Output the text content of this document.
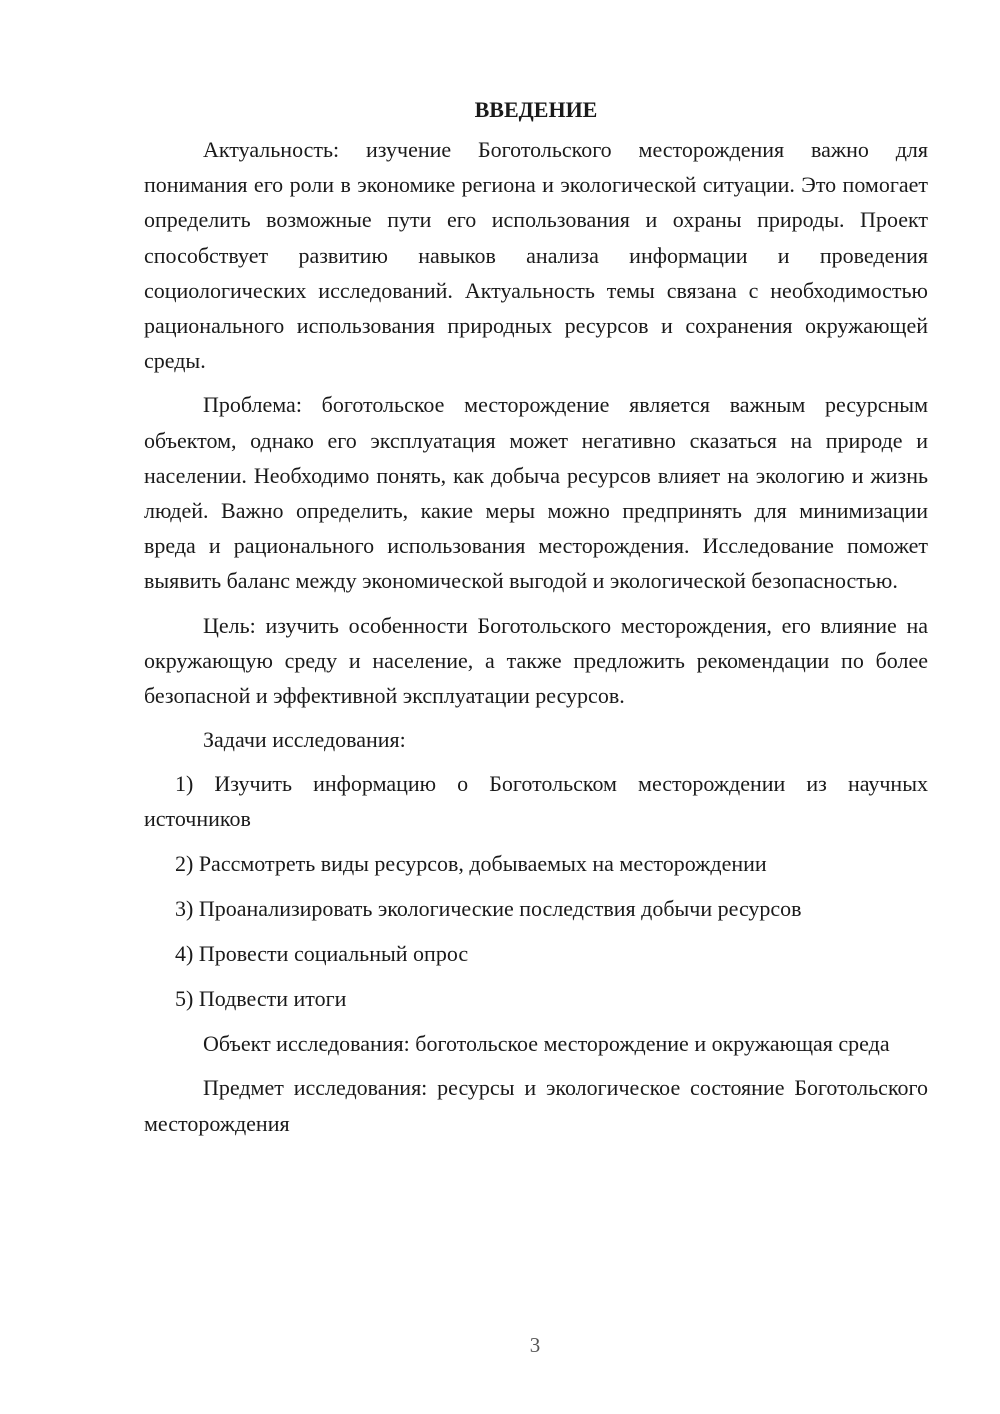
ВВЕДЕНИЕ

Актуальность: изучение Боготольского месторождения важно для понимания его роли в экономике региона и экологической ситуации. Это помогает определить возможные пути его использования и охраны природы. Проект способствует развитию навыков анализа информации и проведения социологических исследований. Актуальность темы связана с необходимостью рационального использования природных ресурсов и сохранения окружающей среды.

Проблема: боготольское месторождение является важным ресурсным объектом, однако его эксплуатация может негативно сказаться на природе и населении. Необходимо понять, как добыча ресурсов влияет на экологию и жизнь людей. Важно определить, какие меры можно предпринять для минимизации вреда и рационального использования месторождения. Исследование поможет выявить баланс между экономической выгодой и экологической безопасностью.

Цель: изучить особенности Боготольского месторождения, его влияние на окружающую среду и население, а также предложить рекомендации по более безопасной и эффективной эксплуатации ресурсов.

Задачи исследования:

1) Изучить информацию о Боготольском месторождении из научных источников

2) Рассмотреть виды ресурсов, добываемых на месторождении

3) Проанализировать экологические последствия добычи ресурсов

4) Провести социальный опрос

5) Подвести итоги

Объект исследования: боготольское месторождение и окружающая среда

Предмет исследования: ресурсы и экологическое состояние Боготольского месторождения

3
